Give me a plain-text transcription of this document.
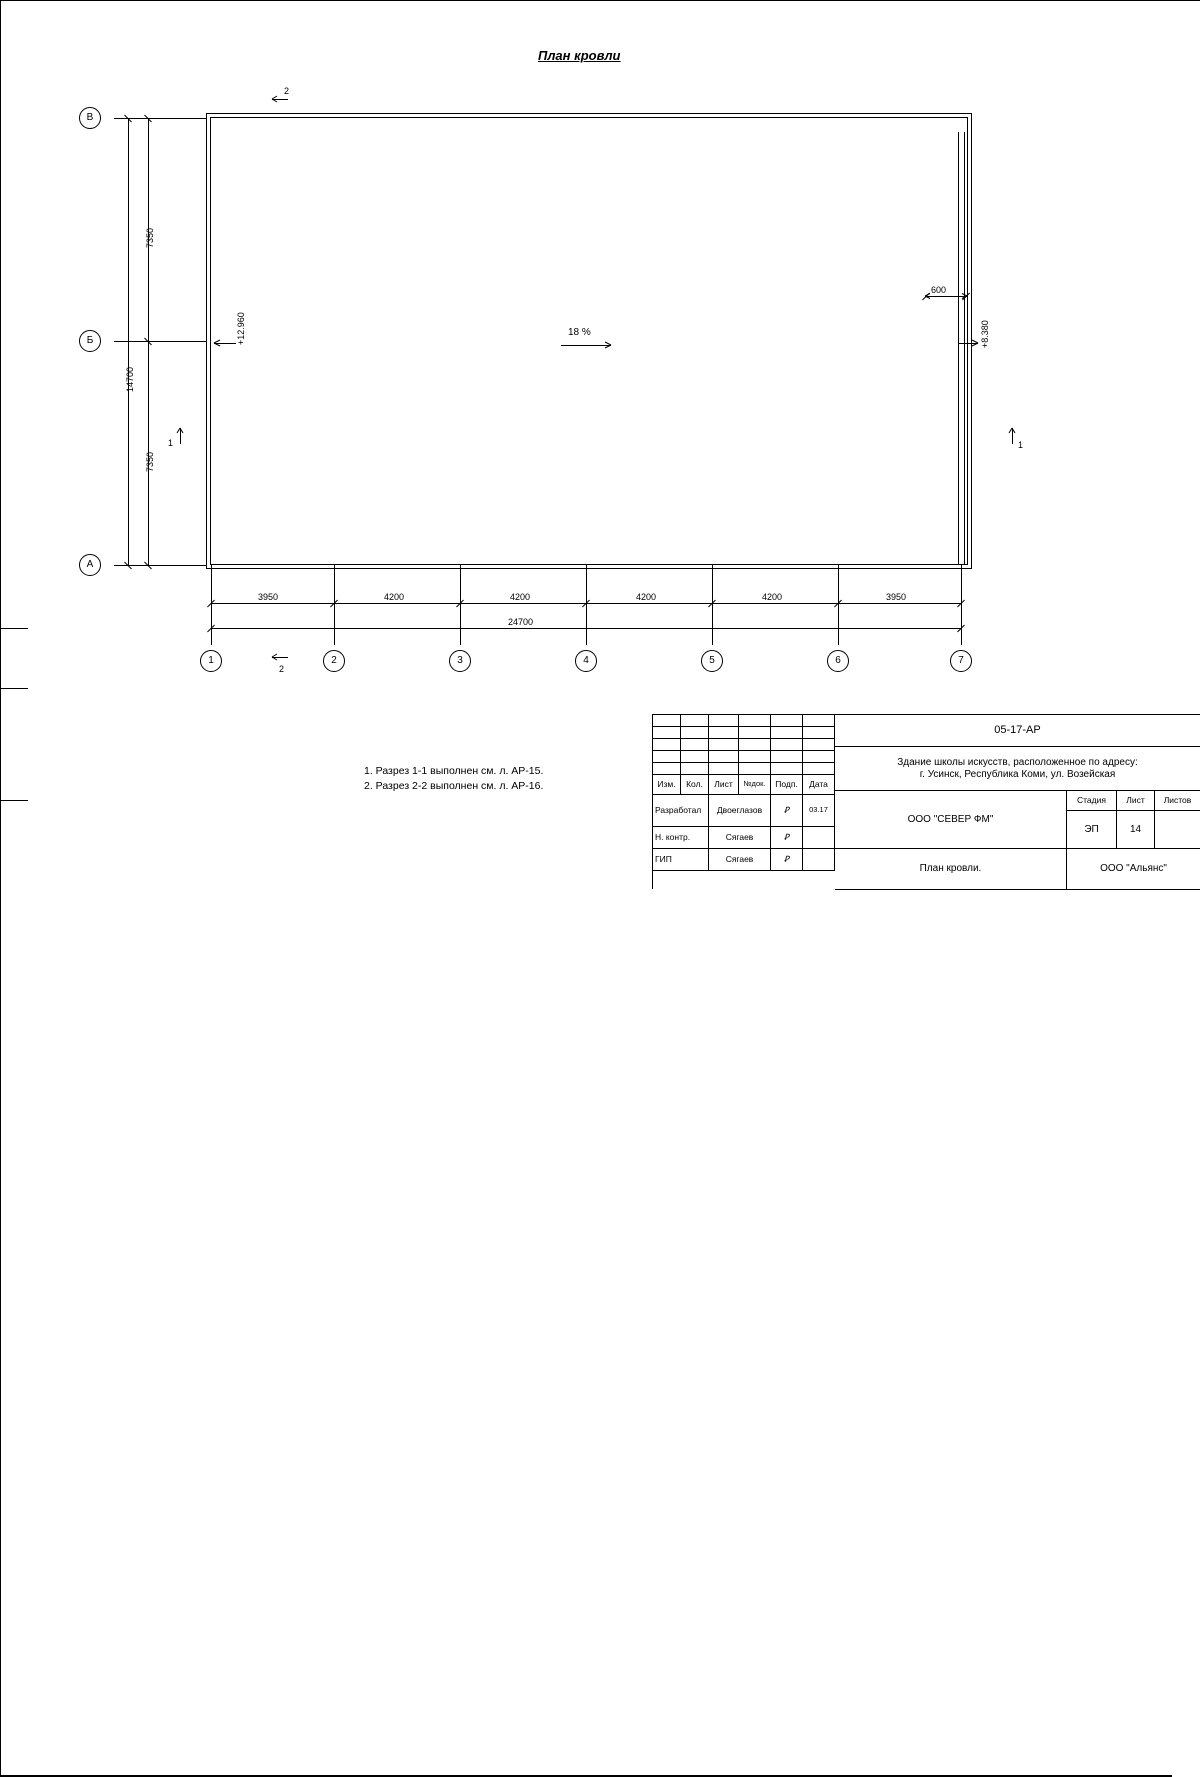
План кровли
7350
7350
14700
В
Б
А
3950	4200	4200	4200	4200	3950
24700
1	2	3	4	5	6	7
600
+12.960	+8.380
18 %
2
1	1
2
1. Разрез 1-1 выполнен см. л. АР-15.
2. Разрез 2-2 выполнен см. л. АР-16.	Изм.	Кол.	Лист	№док.	Подп.	Дата
Разработал	Двоеглазов	Ꝑ	03.17
Н. контр.	Сягаев	Ꝑ
ГИП	Сягаев	Ꝑ
05-17-АР
Здание школы искусств, расположенное по адресу:
г. Усинск, Республика Коми, ул. Возейская
ООО "СЕВЕР ФМ"
План кровли.
Стадия	Лист	Листов
ЭП	14
ООО "Альянс"
